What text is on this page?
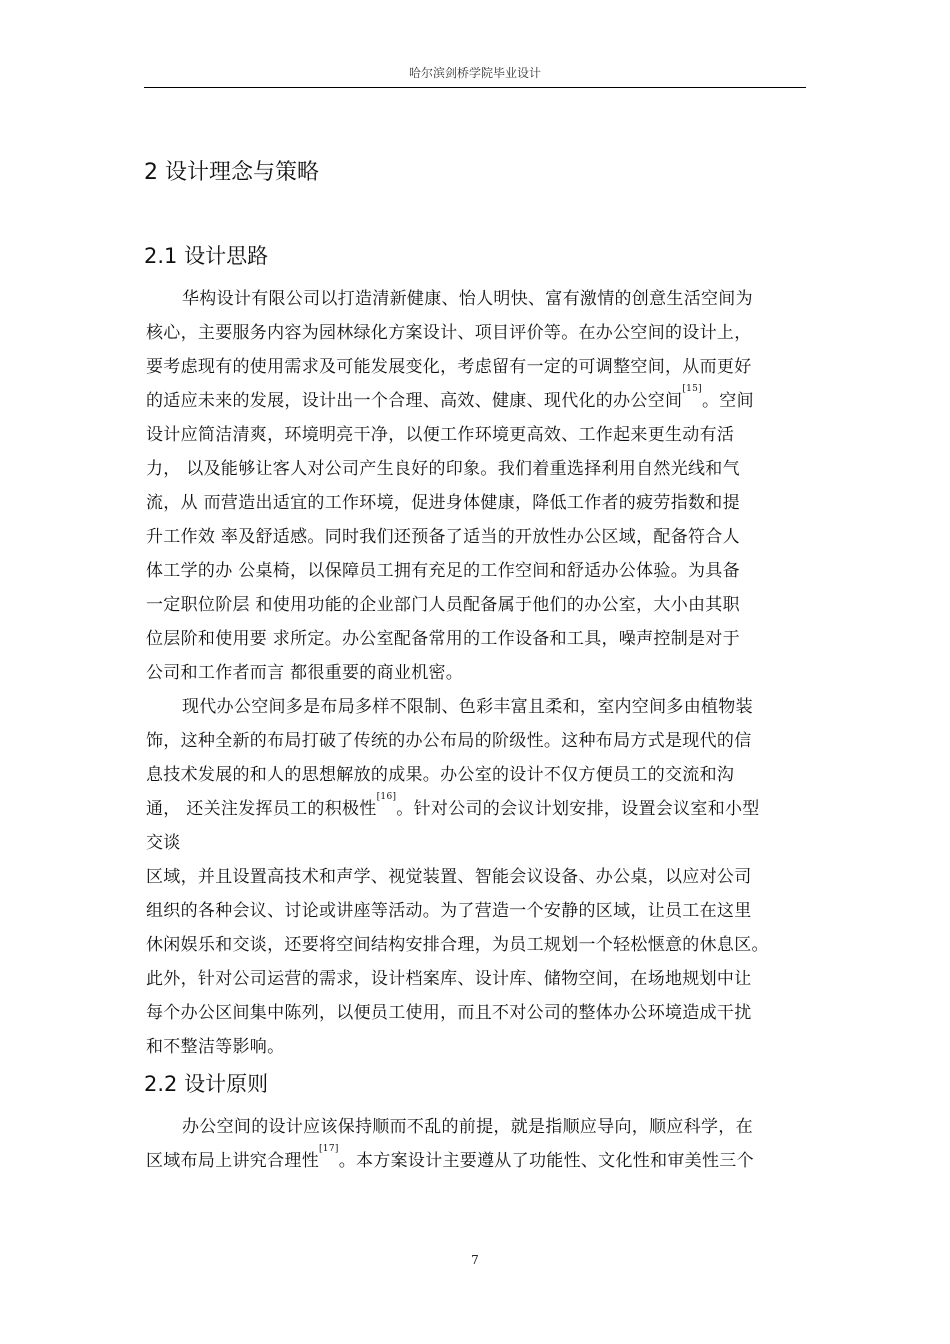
哈尔滨剑桥学院毕业设计
2 设计理念与策略
2.1 设计思路
华构设计有限公司以打造清新健康、怡人明快、富有激情的创意生活空间为
核心，主要服务内容为园林绿化方案设计、项目评价等。在办公空间的设计上，
要考虑现有的使用需求及可能发展变化，考虑留有一定的可调整空间，从而更好
的适应未来的发展，设计出一个合理、高效、健康、现代化的办公空间[15]。空间
设计应简洁清爽，环境明亮干净，以便工作环境更高效、工作起来更生动有活
力， 以及能够让客人对公司产生良好的印象。我们着重选择利用自然光线和气
流，从 而营造出适宜的工作环境，促进身体健康，降低工作者的疲劳指数和提
升工作效 率及舒适感。同时我们还预备了适当的开放性办公区域，配备符合人
体工学的办 公桌椅，以保障员工拥有充足的工作空间和舒适办公体验。为具备
一定职位阶层 和使用功能的企业部门人员配备属于他们的办公室，大小由其职
位层阶和使用要 求所定。办公室配备常用的工作设备和工具，噪声控制是对于
公司和工作者而言 都很重要的商业机密。
现代办公空间多是布局多样不限制、色彩丰富且柔和，室内空间多由植物装
饰，这种全新的布局打破了传统的办公布局的阶级性。这种布局方式是现代的信
息技术发展的和人的思想解放的成果。办公室的设计不仅方便员工的交流和沟
通， 还关注发挥员工的积极性[16]。针对公司的会议计划安排，设置会议室和小型
交谈
区域，并且设置高技术和声学、视觉装置、智能会议设备、办公桌，以应对公司
组织的各种会议、讨论或讲座等活动。为了营造一个安静的区域，让员工在这里
休闲娱乐和交谈，还要将空间结构安排合理，为员工规划一个轻松惬意的休息区。
此外，针对公司运营的需求，设计档案库、设计库、储物空间，在场地规划中让
每个办公区间集中陈列，以便员工使用，而且不对公司的整体办公环境造成干扰
和不整洁等影响。
2.2 设计原则
办公空间的设计应该保持顺而不乱的前提，就是指顺应导向，顺应科学，在
区域布局上讲究合理性[17]。本方案设计主要遵从了功能性、文化性和审美性三个
7
